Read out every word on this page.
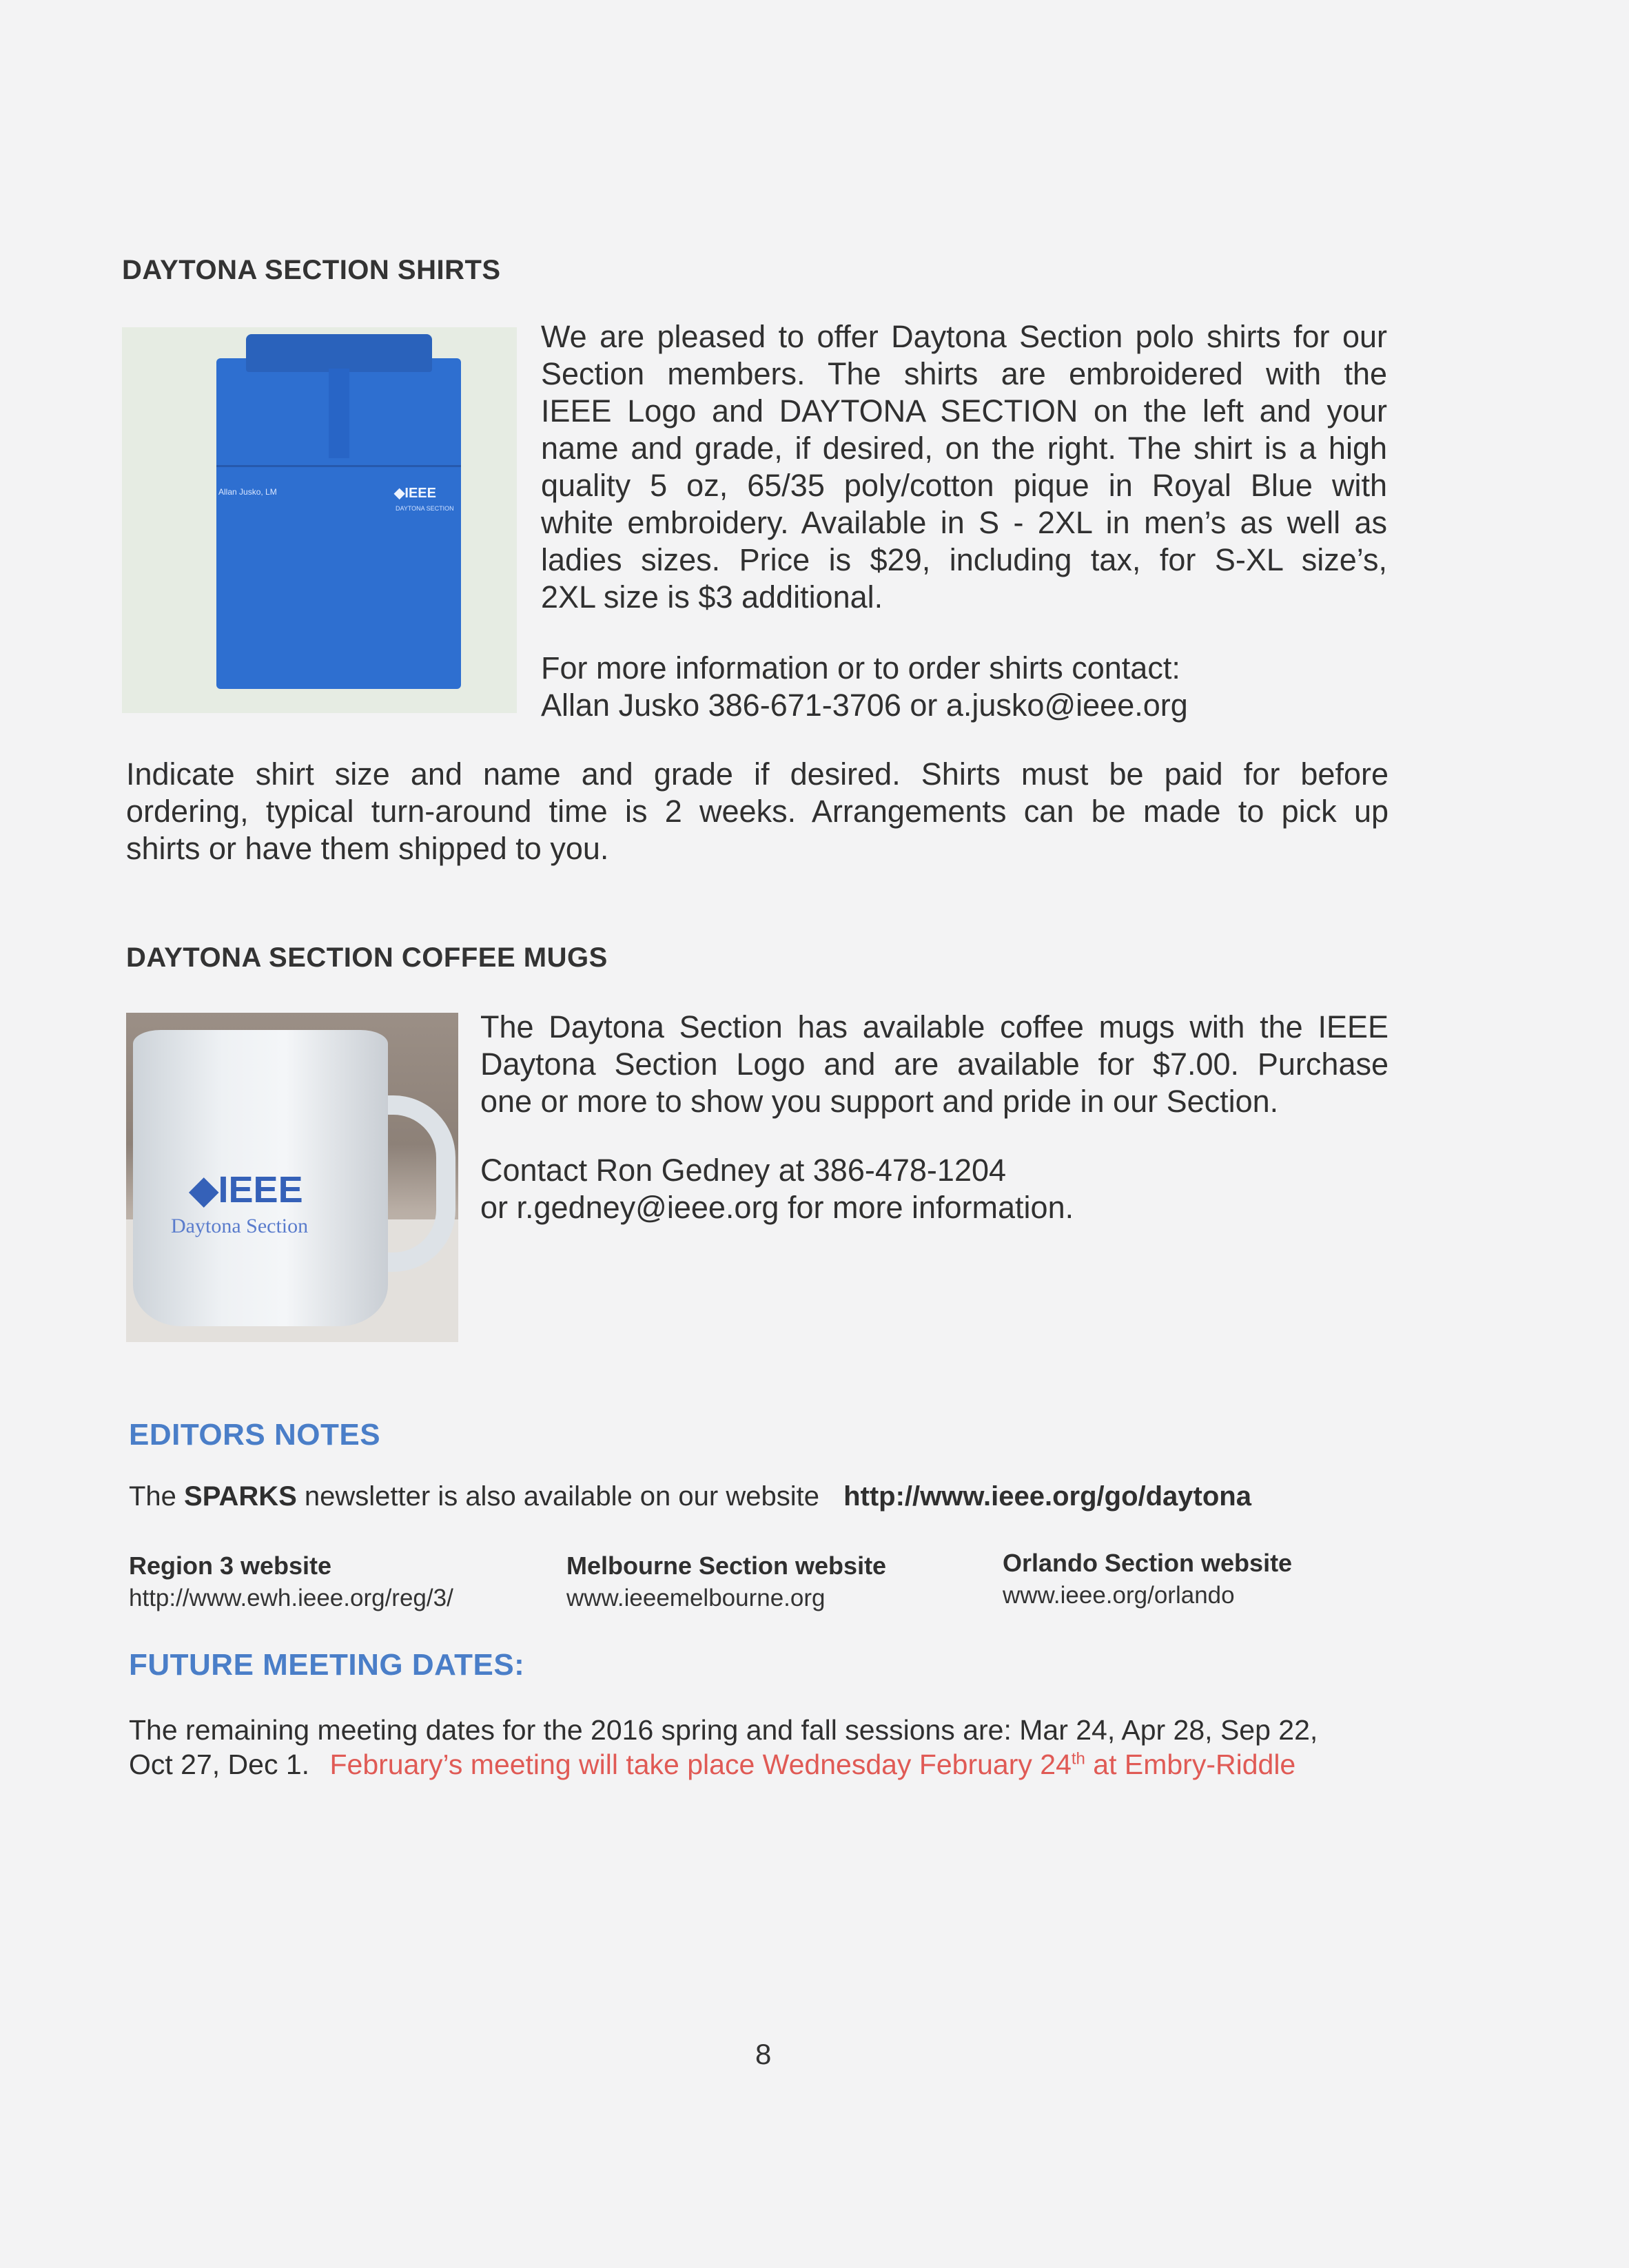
DAYTONA SECTION SHIRTS
Allan Jusko, LM	◆IEEE
DAYTONA SECTION

We are pleased to offer Daytona Section polo shirts for our

Section members. The shirts are embroidered with the

IEEE Logo and DAYTONA SECTION on the left and your

name and grade, if desired, on the right. The shirt is a high

quality 5 oz, 65/35 poly/cotton pique in Royal Blue with

white embroidery. Available in S - 2XL in men’s as well as

ladies sizes. Price is $29, including tax, for S-XL size’s,

2XL size is $3 additional.

For more information or to order shirts contact:

Allan Jusko 386-671-3706 or a.jusko@ieee.org

Indicate shirt size and name and grade if desired. Shirts must be paid for before

ordering, typical turn-around time is 2 weeks. Arrangements can be made to pick up

shirts or have them shipped to you.

DAYTONA SECTION COFFEE MUGS
◆IEEE
Daytona Section

The Daytona Section has available coffee mugs with the IEEE

Daytona Section Logo and are available for $7.00. Purchase

one or more to show you support and pride in our Section.

Contact Ron Gedney at 386-478-1204

or r.gedney@ieee.org for more information.

EDITORS NOTES
The SPARKS newsletter is also available on our website http://www.ieee.org/go/daytona
Region 3 website
http://www.ewh.ieee.org/reg/3/
Melbourne Section website
www.ieeemelbourne.org
Orlando Section website
www.ieee.org/orlando
FUTURE MEETING DATES:

The remaining meeting dates for the 2016 spring and fall sessions are: Mar 24, Apr 28, Sep 22,

Oct 27, Dec 1. February’s meeting will take place Wednesday February 24th at Embry-Riddle

8
